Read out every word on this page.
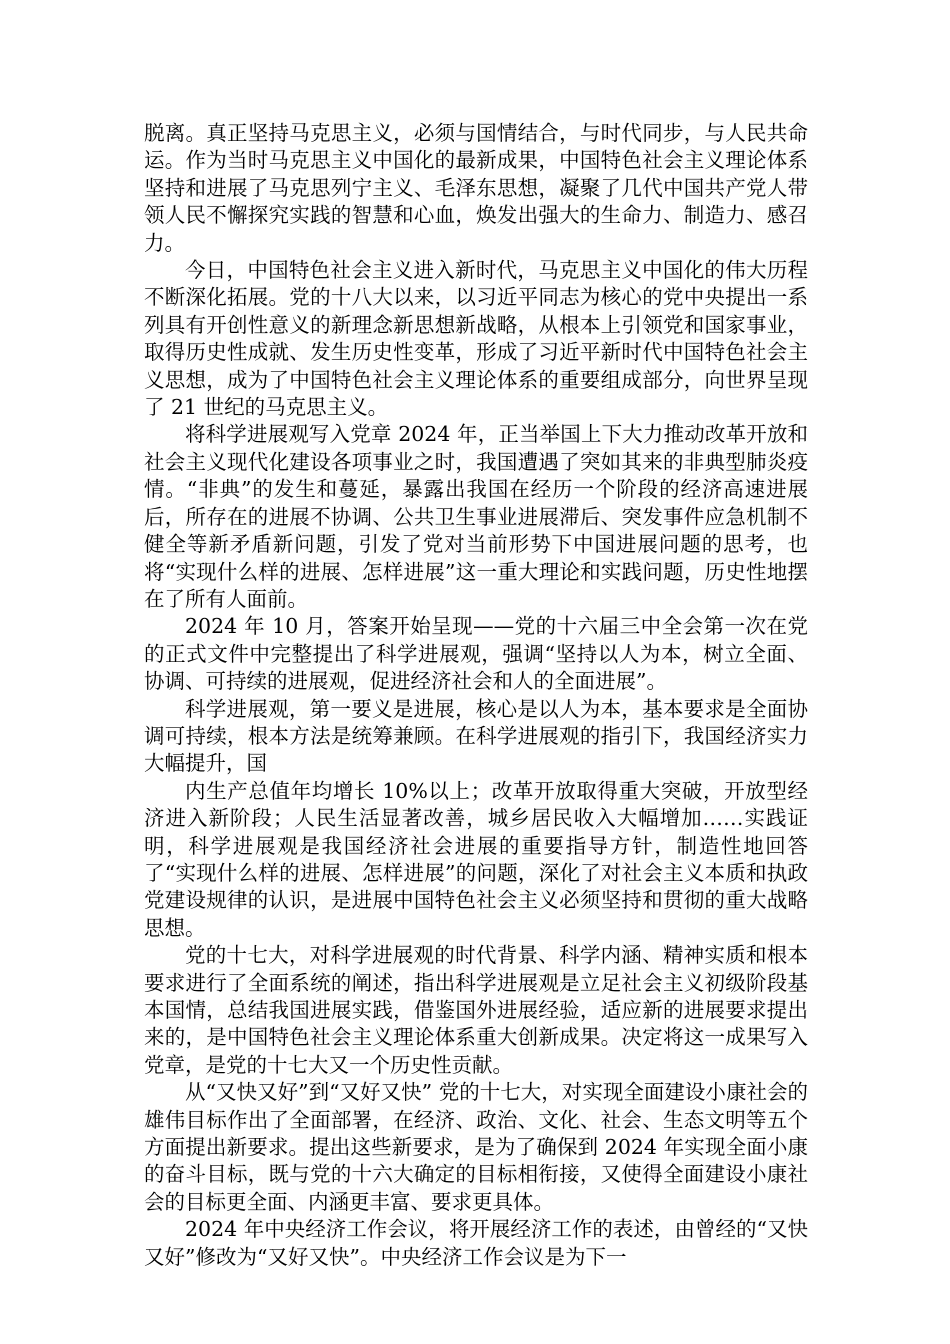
脱离。真正坚持马克思主义，必须与国情结合，与时代同步，与人民共命运。作为当时马克思主义中国化的最新成果，中国特色社会主义理论体系坚持和进展了马克思列宁主义、毛泽东思想，凝聚了几代中国共产党人带领人民不懈探究实践的智慧和心血，焕发出强大的生命力、制造力、感召力。

今日，中国特色社会主义进入新时代，马克思主义中国化的伟大历程不断深化拓展。党的十八大以来，以习近平同志为核心的党中央提出一系列具有开创性意义的新理念新思想新战略，从根本上引领党和国家事业，取得历史性成就、发生历史性变革，形成了习近平新时代中国特色社会主义思想，成为了中国特色社会主义理论体系的重要组成部分，向世界呈现了 21 世纪的马克思主义。

将科学进展观写入党章 2024 年，正当举国上下大力推动改革开放和社会主义现代化建设各项事业之时，我国遭遇了突如其来的非典型肺炎疫情。“非典”的发生和蔓延，暴露出我国在经历一个阶段的经济高速进展后，所存在的进展不协调、公共卫生事业进展滞后、突发事件应急机制不健全等新矛盾新问题，引发了党对当前形势下中国进展问题的思考，也将“实现什么样的进展、怎样进展”这一重大理论和实践问题，历史性地摆在了所有人面前。

2024 年 10 月，答案开始呈现——党的十六届三中全会第一次在党的正式文件中完整提出了科学进展观，强调“坚持以人为本，树立全面、协调、可持续的进展观，促进经济社会和人的全面进展”。

科学进展观，第一要义是进展，核心是以人为本，基本要求是全面协调可持续，根本方法是统筹兼顾。在科学进展观的指引下，我国经济实力大幅提升，国

内生产总值年均增长 10%以上；改革开放取得重大突破，开放型经济进入新阶段；人民生活显著改善，城乡居民收入大幅增加……实践证明，科学进展观是我国经济社会进展的重要指导方针，制造性地回答了“实现什么样的进展、怎样进展”的问题，深化了对社会主义本质和执政党建设规律的认识，是进展中国特色社会主义必须坚持和贯彻的重大战略思想。

党的十七大，对科学进展观的时代背景、科学内涵、精神实质和根本要求进行了全面系统的阐述，指出科学进展观是立足社会主义初级阶段基本国情，总结我国进展实践，借鉴国外进展经验，适应新的进展要求提出来的，是中国特色社会主义理论体系重大创新成果。决定将这一成果写入党章，是党的十七大又一个历史性贡献。

从“又快又好”到“又好又快” 党的十七大，对实现全面建设小康社会的雄伟目标作出了全面部署，在经济、政治、文化、社会、生态文明等五个方面提出新要求。提出这些新要求，是为了确保到 2024 年实现全面小康的奋斗目标，既与党的十六大确定的目标相衔接，又使得全面建设小康社会的目标更全面、内涵更丰富、要求更具体。

2024 年中央经济工作会议，将开展经济工作的表述，由曾经的“又快又好”修改为“又好又快”。中央经济工作会议是为下一
